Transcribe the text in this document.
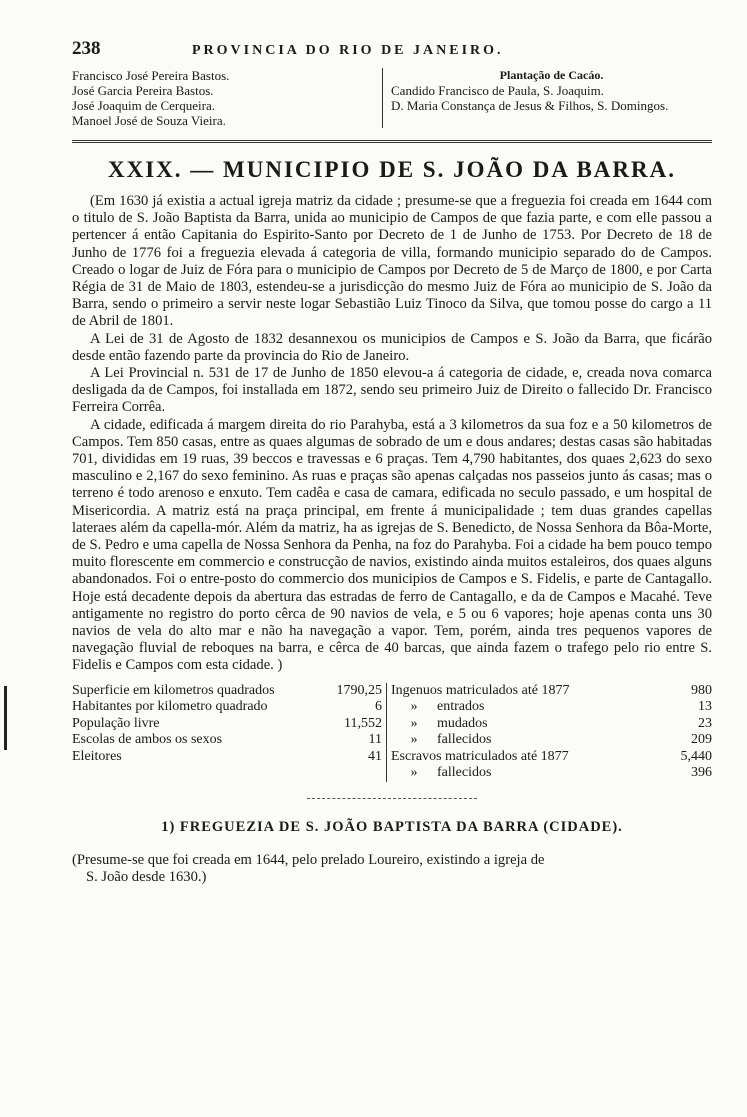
238	PROVINCIA DO RIO DE JANEIRO.
Francisco José Pereira Bastos.
José Garcia Pereira Bastos.
José Joaquim de Cerqueira.
Manoel José de Souza Vieira.
Plantação de Cacáo.
Candido Francisco de Paula, S. Joaquim.
D. Maria Constança de Jesus & Filhos, S. Domingos.
XXIX. — MUNICIPIO DE S. JOÃO DA BARRA.

(Em 1630 já existia a actual igreja matriz da cidade ; presume-se que a freguezia foi creada em 1644 com o titulo de S. João Baptista da Barra, unida ao municipio de Campos de que fazia parte, e com elle passou a pertencer á então Capitania do Espirito-Santo por Decreto de 1 de Junho de 1753. Por Decreto de 18 de Junho de 1776 foi a freguezia elevada á categoria de villa, formando municipio separado do de Campos. Creado o logar de Juiz de Fóra para o municipio de Campos por Decreto de 5 de Março de 1800, e por Carta Régia de 31 de Maio de 1803, estendeu-se a jurisdicção do mesmo Juiz de Fóra ao municipio de S. João da Barra, sendo o primeiro a servir neste logar Sebastião Luiz Tinoco da Silva, que tomou posse do cargo a 11 de Abril de 1801.

A Lei de 31 de Agosto de 1832 desannexou os municipios de Campos e S. João da Barra, que ficárão desde então fazendo parte da provincia do Rio de Janeiro.

A Lei Provincial n. 531 de 17 de Junho de 1850 elevou-a á categoria de cidade, e, creada nova comarca desligada da de Campos, foi installada em 1872, sendo seu primeiro Juiz de Direito o fallecido Dr. Francisco Ferreira Corrêa.

A cidade, edificada á margem direita do rio Parahyba, está a 3 kilometros da sua foz e a 50 kilometros de Campos. Tem 850 casas, entre as quaes algumas de sobrado de um e dous andares; destas casas são habitadas 701, divididas em 19 ruas, 39 beccos e travessas e 6 praças. Tem 4,790 habitantes, dos quaes 2,623 do sexo masculino e 2,167 do sexo feminino. As ruas e praças são apenas calçadas nos passeios junto ás casas; mas o terreno é todo arenoso e enxuto. Tem cadêa e casa de camara, edificada no seculo passado, e um hospital de Misericordia. A matriz está na praça principal, em frente á municipalidade ; tem duas grandes capellas lateraes além da capella-mór. Além da matriz, ha as igrejas de S. Benedicto, de Nossa Senhora da Bôa-Morte, de S. Pedro e uma capella de Nossa Senhora da Penha, na foz do Parahyba. Foi a cidade ha bem pouco tempo muito florescente em commercio e construcção de navios, existindo ainda muitos estaleiros, dos quaes alguns abandonados. Foi o entre-posto do commercio dos municipios de Campos e S. Fidelis, e parte de Cantagallo. Hoje está decadente depois da abertura das estradas de ferro de Cantagallo, e da de Campos e Macahé. Teve antigamente no registro do porto cêrca de 90 navios de vela, e 5 ou 6 vapores; hoje apenas conta uns 30 navios de vela do alto mar e não ha navegação a vapor. Tem, porém, ainda tres pequenos vapores de navegação fluvial de reboques na barra, e cêrca de 40 barcas, que ainda fazem o trafego pelo rio entre S. Fidelis e Campos com esta cidade. )

Superficie em kilometros quadrados	1790,25
Habitantes por kilometro quadrado	6
População livre	11,552
Escolas de ambos os sexos	11
Eleitores	41
Ingenuos matriculados até 1877	980
» entrados	13
» mudados	23
» fallecidos	209
Escravos matriculados até 1877	5,440
» fallecidos	396
1) FREGUEZIA DE S. JOÃO BAPTISTA DA BARRA (CIDADE).
(Presume-se que foi creada em 1644, pelo prelado Loureiro, existindo a igreja de
S. João desde 1630.)
